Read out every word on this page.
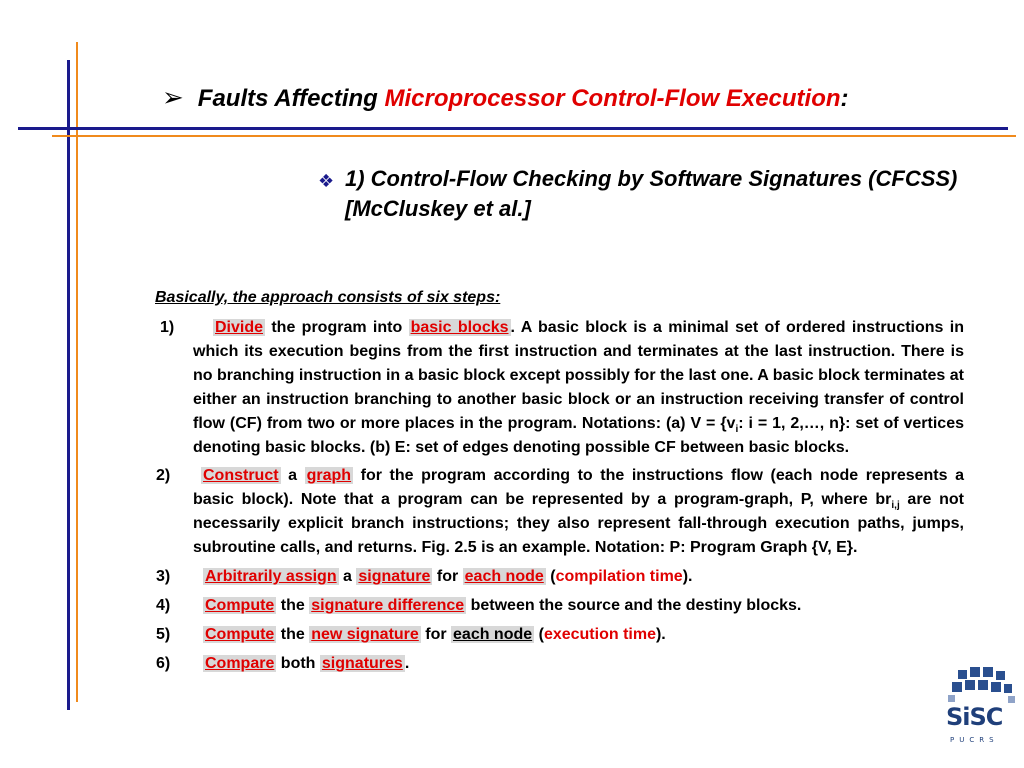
➢ Faults Affecting Microprocessor Control-Flow Execution:
❖ 1) Control-Flow Checking by Software Signatures (CFCSS) [McCluskey et al.]
Basically, the approach consists of six steps:
1)	Divide the program into basic blocks . A basic block is a minimal set of ordered instructions in which its execution begins from the first instruction and terminates at the last instruction. There is no branching instruction in a basic block except possibly for the last one. A basic block terminates at either an instruction branching to another basic block or an instruction receiving transfer of control flow (CF) from two or more places in the program. Notations: (a) $V = \{v_i$: i = 1, 2,…, n}: set of vertices denoting basic blocks. (b) E: set of edges denoting possible CF between basic blocks.
2)	Construct a graph for the program according to the instructions flow (each node represents a basic block). Note that a program can be represented by a program-graph, P, where $br_{i,j}$ are not necessarily explicit branch instructions; they also represent fall-through execution paths, jumps, subroutine calls, and returns. Fig. 2.5 is an example. Notation: P: Program Graph {V, E}.
3)	Arbitrarily assign a signature for each node (compilation time).
4)	Compute the signature difference between the source and the destiny blocks.
5)	Compute the new signature for each node (execution time).
6)	Compare both signatures .
SiSC
PUCRS
